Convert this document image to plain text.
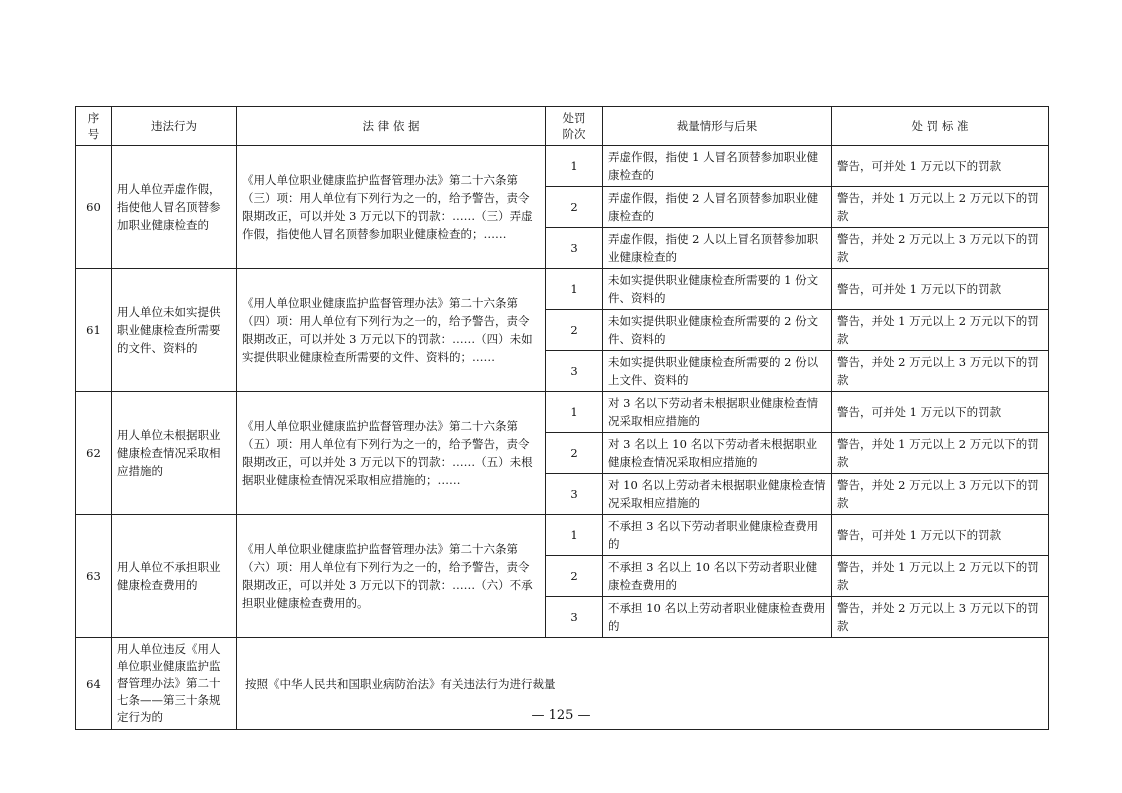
序
号	违法行为	法 律 依 据	处罚
阶次	裁量情形与后果	处 罚 标 准
60	用人单位弄虚作假，指使他人冒名顶替参加职业健康检查的	《用人单位职业健康监护监督管理办法》第二十六条第（三）项：用人单位有下列行为之一的，给予警告，责令限期改正，可以并处 3 万元以下的罚款：……（三）弄虚作假，指使他人冒名顶替参加职业健康检查的；……	1	弄虚作假，指使 1 人冒名顶替参加职业健康检查的	警告，可并处 1 万元以下的罚款
			2	弄虚作假，指使 2 人冒名顶替参加职业健康检查的	警告，并处 1 万元以上 2 万元以下的罚款
			3	弄虚作假，指使 2 人以上冒名顶替参加职业健康检查的	警告，并处 2 万元以上 3 万元以下的罚款
61	用人单位未如实提供职业健康检查所需要的文件、资料的	《用人单位职业健康监护监督管理办法》第二十六条第（四）项：用人单位有下列行为之一的，给予警告，责令限期改正，可以并处 3 万元以下的罚款：……（四）未如实提供职业健康检查所需要的文件、资料的；……	1	未如实提供职业健康检查所需要的 1 份文件、资料的	警告，可并处 1 万元以下的罚款
			2	未如实提供职业健康检查所需要的 2 份文件、资料的	警告，并处 1 万元以上 2 万元以下的罚款
			3	未如实提供职业健康检查所需要的 2 份以上文件、资料的	警告，并处 2 万元以上 3 万元以下的罚款
62	用人单位未根据职业健康检查情况采取相应措施的	《用人单位职业健康监护监督管理办法》第二十六条第（五）项：用人单位有下列行为之一的，给予警告，责令限期改正，可以并处 3 万元以下的罚款：……（五）未根据职业健康检查情况采取相应措施的；……	1	对 3 名以下劳动者未根据职业健康检查情况采取相应措施的	警告，可并处 1 万元以下的罚款
			2	对 3 名以上 10 名以下劳动者未根据职业健康检查情况采取相应措施的	警告，并处 1 万元以上 2 万元以下的罚款
			3	对 10 名以上劳动者未根据职业健康检查情况采取相应措施的	警告，并处 2 万元以上 3 万元以下的罚款
63	用人单位不承担职业健康检查费用的	《用人单位职业健康监护监督管理办法》第二十六条第（六）项：用人单位有下列行为之一的，给予警告，责令限期改正，可以并处 3 万元以下的罚款：……（六）不承担职业健康检查费用的。	1	不承担 3 名以下劳动者职业健康检查费用的	警告，可并处 1 万元以下的罚款
			2	不承担 3 名以上 10 名以下劳动者职业健康检查费用的	警告，并处 1 万元以上 2 万元以下的罚款
			3	不承担 10 名以上劳动者职业健康检查费用的	警告，并处 2 万元以上 3 万元以下的罚款
64	用人单位违反《用人单位职业健康监护监督管理办法》第二十七条——第三十条规定行为的	按照《中华人民共和国职业病防治法》有关违法行为进行裁量			
— 125 —
